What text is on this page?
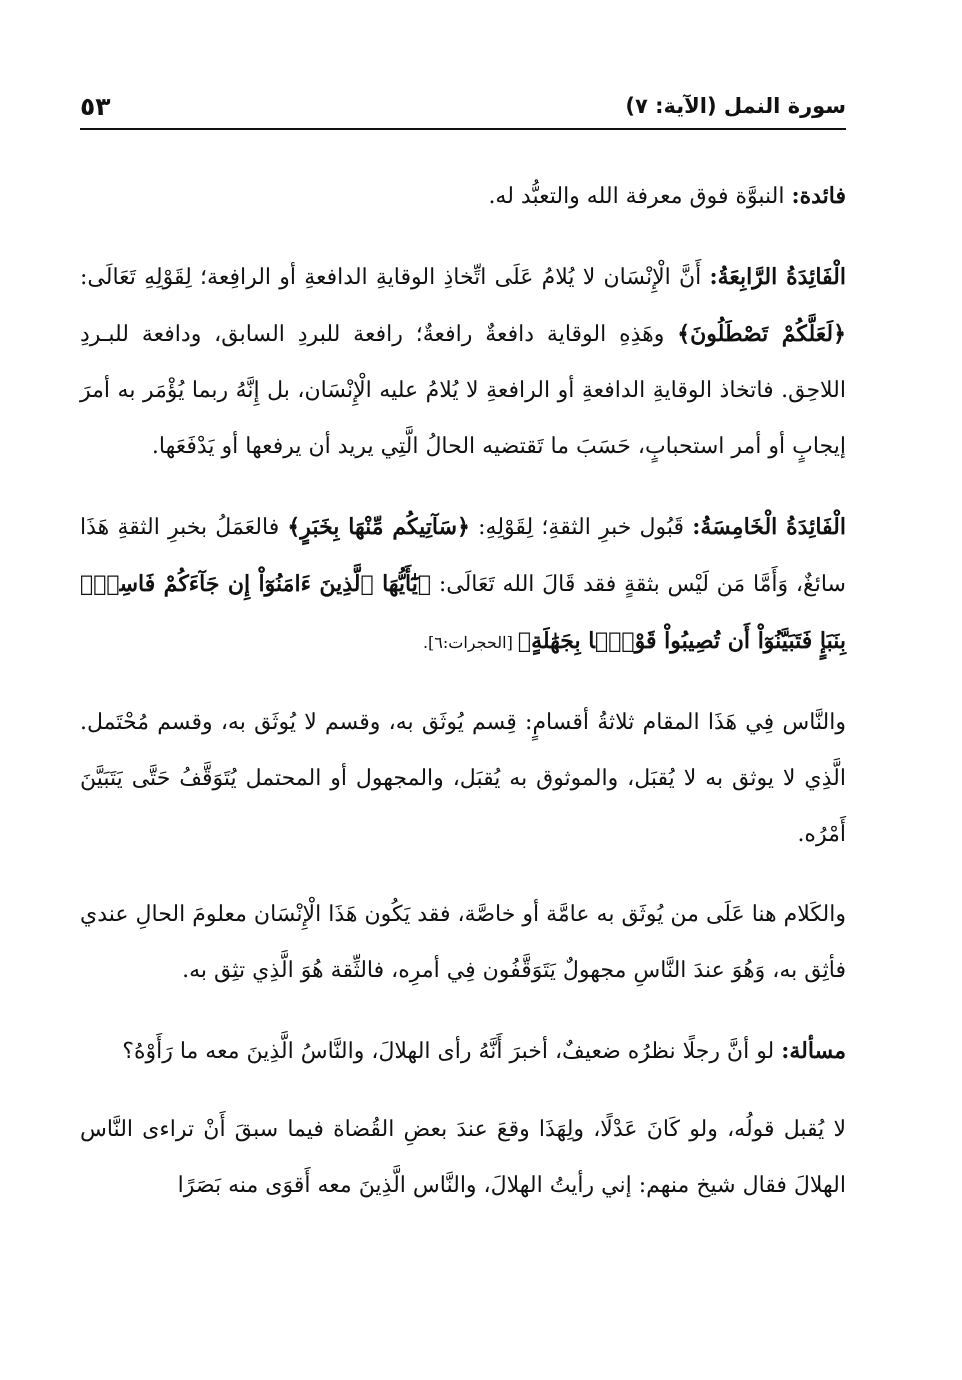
سورة النمل (الآية: ٧)
٥٣

فائدة: النبوَّة فوق معرفة الله والتعبُّد له.

الْفَائِدَةُ الرَّابِعَةُ: أَنَّ الْإِنْسَان لا يُلامُ عَلَى اتِّخاذِ الوقايةِ الدافعةِ أو الرافِعة؛ لِقَوْلِهِ تَعَالَى: ﴿لَعَلَّكُمْ تَصْطَلُونَ﴾ وهَذِهِ الوقاية دافعةٌ رافعةٌ؛ رافعة للبردِ السابق، ودافعة للبـردِ اللاحِق. فاتخاذ الوقايةِ الدافعةِ أو الرافعةِ لا يُلامُ عليه الْإِنْسَان، بل إِنَّهُ ربما يُؤْمَر به أمرَ إيجابٍ أو أمر استحبابٍ، حَسَبَ ما تَقتضيه الحالُ الَّتِي يريد أن يرفعها أو يَدْفَعَها.

الْفَائِدَةُ الْخَامِسَةُ: قَبُول خبرِ الثقةِ؛ لِقَوْلِهِ: ﴿سَآتِيكُم مِّنْهَا بِخَبَرٍ﴾ فالعَمَلُ بخبرِ الثقةِ هَذَا سائغٌ، وَأَمَّا مَن لَيْس بثقةٍ فقد قَالَ الله تَعَالَى: ﴿يَٰٓأَيُّهَا ٱلَّذِينَ ءَامَنُوٓاْ إِن جَآءَكُمْ فَاسِقُۢ بِنَبَإٍ فَتَبَيَّنُوٓاْ أَن تُصِيبُواْ قَوْمًۢا بِجَهَٰلَةٍ﴾ [الحجرات:٦].

والنَّاس فِي هَذَا المقام ثلاثةُ أقسامٍ: قِسم يُوثَق به، وقسم لا يُوثَق به، وقسم مُحْتَمل. الَّذِي لا يوثق به لا يُقبَل، والموثوق به يُقبَل، والمجهول أو المحتمل يُتَوَقَّفُ حَتَّى يَتَبَيَّنَ أَمْرُه.

والكَلام هنا عَلَى من يُوثَق به عامَّة أو خاصَّة، فقد يَكُون هَذَا الْإِنْسَان معلومَ الحالِ عندي فأثِق به، وَهُوَ عندَ النَّاسِ مجهولٌ يَتَوَقَّفُون فِي أمرِه، فالثِّقة هُوَ الَّذِي تثِق به.

مسألة: لو أنَّ رجلًا نظرُه ضعيفٌ، أخبرَ أَنَّهُ رأى الهلالَ، والنَّاسُ الَّذِينَ معه ما رَأَوْهُ؟

لا يُقبل قولُه، ولو كَانَ عَدْلًا، ولِهَذَا وقعَ عندَ بعضِ القُضاة فيما سبقَ أَنْ تراءى النَّاس الهلالَ فقال شيخ منهم: إني رأيتُ الهلالَ، والنَّاس الَّذِينَ معه أَقوَى منه بَصَرًا
